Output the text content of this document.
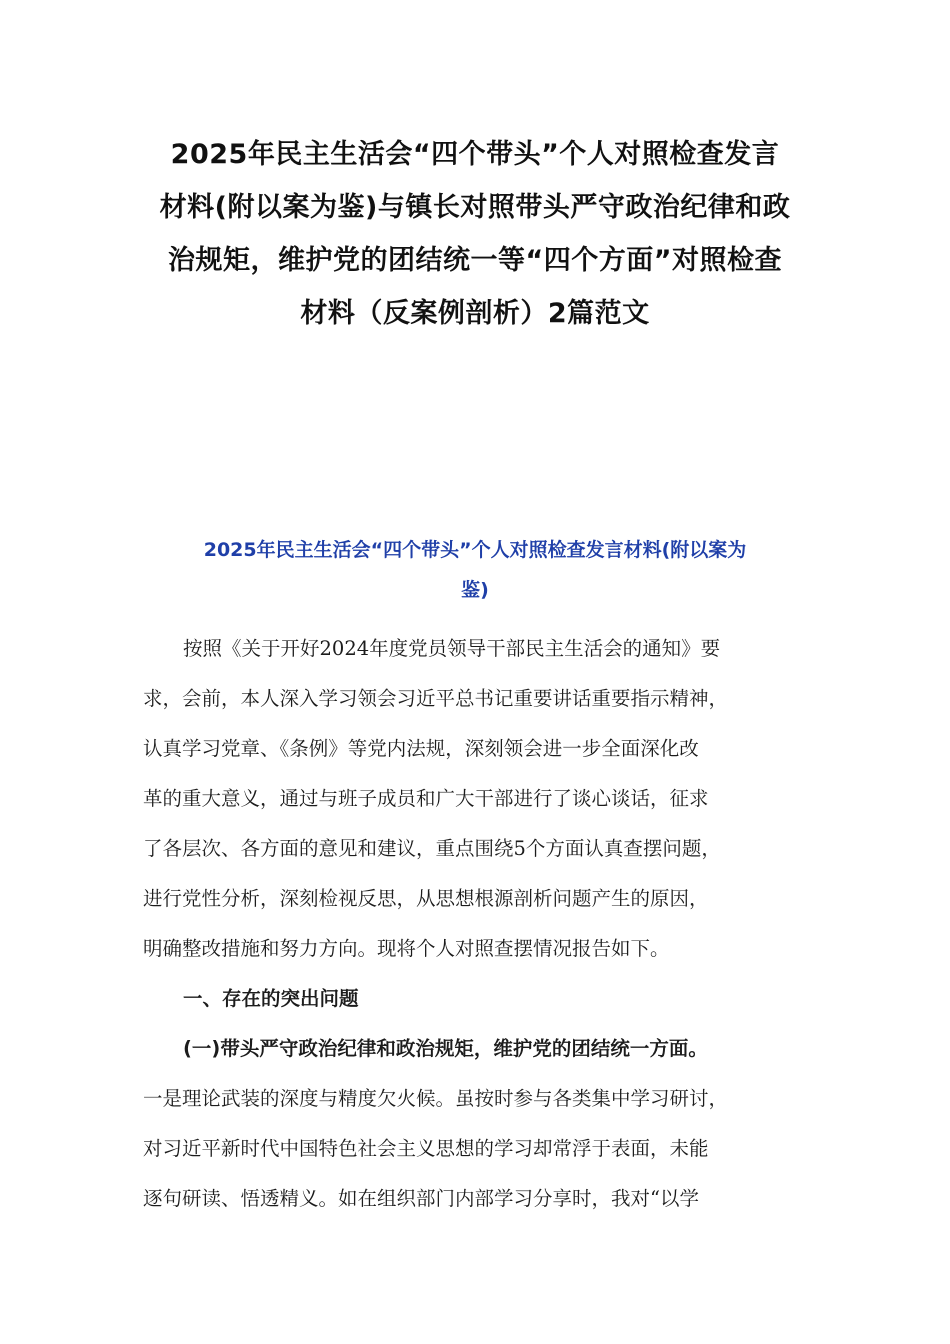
2025年民主生活会“四个带头”个人对照检查发言
材料(附以案为鉴)与镇长对照带头严守政治纪律和政
治规矩，维护党的团结统一等“四个方面”对照检查
材料（反案例剖析）2篇范文
2025年民主生活会“四个带头”个人对照检查发言材料(附以案为
鉴)
按照《关于开好2024年度党员领导干部民主生活会的通知》要
求，会前，本人深入学习领会习近平总书记重要讲话重要指示精神，
认真学习党章、《条例》等党内法规，深刻领会进一步全面深化改
革的重大意义，通过与班子成员和广大干部进行了谈心谈话，征求
了各层次、各方面的意见和建议，重点围绕5个方面认真查摆问题，
进行党性分析，深刻检视反思，从思想根源剖析问题产生的原因，
明确整改措施和努力方向。现将个人对照查摆情况报告如下。
一、存在的突出问题
(一)带头严守政治纪律和政治规矩，维护党的团结统一方面。
一是理论武装的深度与精度欠火候。虽按时参与各类集中学习研讨，
对习近平新时代中国特色社会主义思想的学习却常浮于表面，未能
逐句研读、悟透精义。如在组织部门内部学习分享时，我对“以学
